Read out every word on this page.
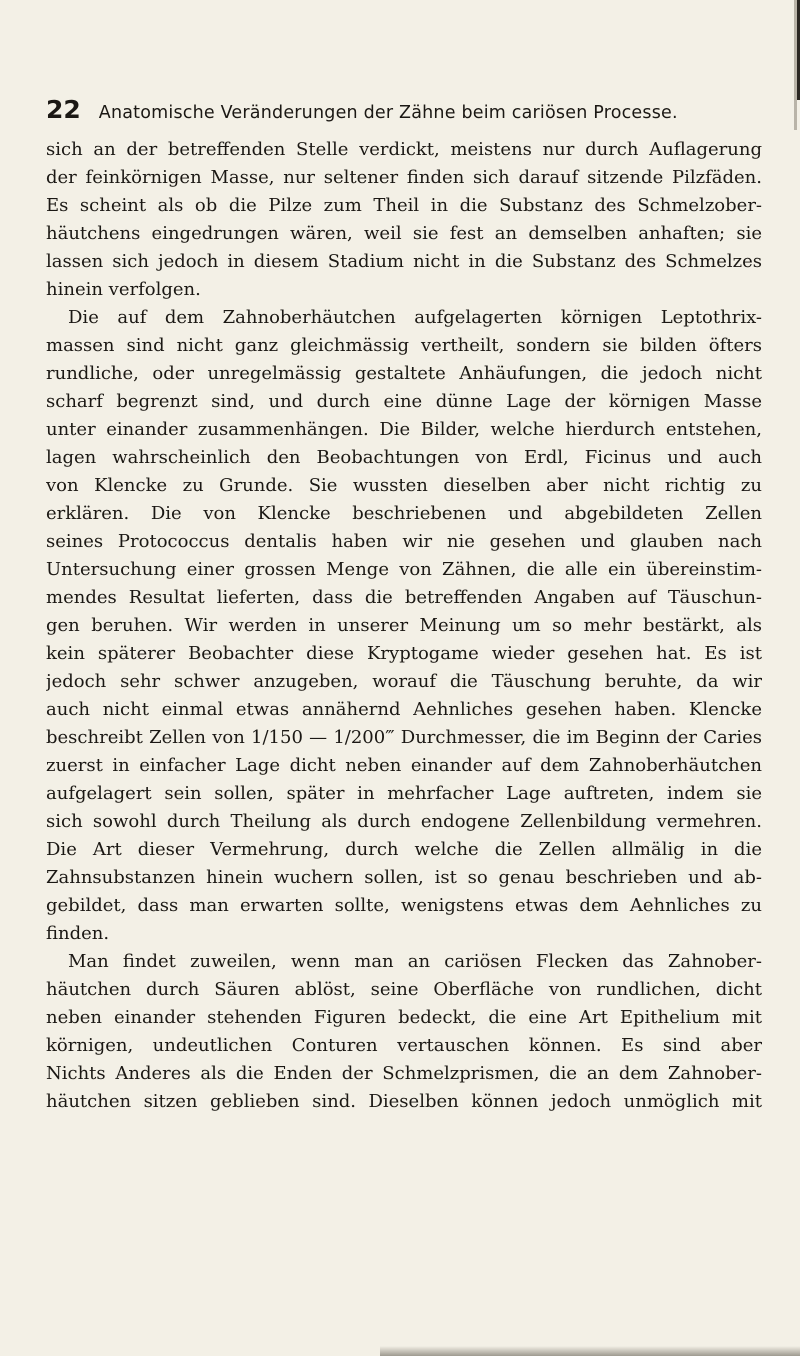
22 Anatomische Veränderungen der Zähne beim cariösen Processe.
sich an der betreffenden Stelle verdickt, meistens nur durch Auflagerung
der feinkörnigen Masse, nur seltener finden sich darauf sitzende Pilzfäden.
Es scheint als ob die Pilze zum Theil in die Substanz des Schmelzober-
häutchens eingedrungen wären, weil sie fest an demselben anhaften; sie
lassen sich jedoch in diesem Stadium nicht in die Substanz des Schmelzes
hinein verfolgen.
Die auf dem Zahnoberhäutchen aufgelagerten körnigen Leptothrix-
massen sind nicht ganz gleichmässig vertheilt, sondern sie bilden öfters
rundliche, oder unregelmässig gestaltete Anhäufungen, die jedoch nicht
scharf begrenzt sind, und durch eine dünne Lage der körnigen Masse
unter einander zusammenhängen. Die Bilder, welche hierdurch entstehen,
lagen wahrscheinlich den Beobachtungen von Erdl, Ficinus und auch
von Klencke zu Grunde. Sie wussten dieselben aber nicht richtig zu
erklären. Die von Klencke beschriebenen und abgebildeten Zellen
seines Protococcus dentalis haben wir nie gesehen und glauben nach
Untersuchung einer grossen Menge von Zähnen, die alle ein übereinstim-
mendes Resultat lieferten, dass die betreffenden Angaben auf Täuschun-
gen beruhen. Wir werden in unserer Meinung um so mehr bestärkt, als
kein späterer Beobachter diese Kryptogame wieder gesehen hat. Es ist
jedoch sehr schwer anzugeben, worauf die Täuschung beruhte, da wir
auch nicht einmal etwas annähernd Aehnliches gesehen haben. Klencke
beschreibt Zellen von 1/150 — 1/200‴ Durchmesser, die im Beginn der Caries
zuerst in einfacher Lage dicht neben einander auf dem Zahnoberhäutchen
aufgelagert sein sollen, später in mehrfacher Lage auftreten, indem sie
sich sowohl durch Theilung als durch endogene Zellenbildung vermehren.
Die Art dieser Vermehrung, durch welche die Zellen allmälig in die
Zahnsubstanzen hinein wuchern sollen, ist so genau beschrieben und ab-
gebildet, dass man erwarten sollte, wenigstens etwas dem Aehnliches zu
finden.
Man findet zuweilen, wenn man an cariösen Flecken das Zahnober-
häutchen durch Säuren ablöst, seine Oberfläche von rundlichen, dicht
neben einander stehenden Figuren bedeckt, die eine Art Epithelium mit
körnigen, undeutlichen Conturen vertauschen können. Es sind aber
Nichts Anderes als die Enden der Schmelzprismen, die an dem Zahnober-
häutchen sitzen geblieben sind. Dieselben können jedoch unmöglich mit
